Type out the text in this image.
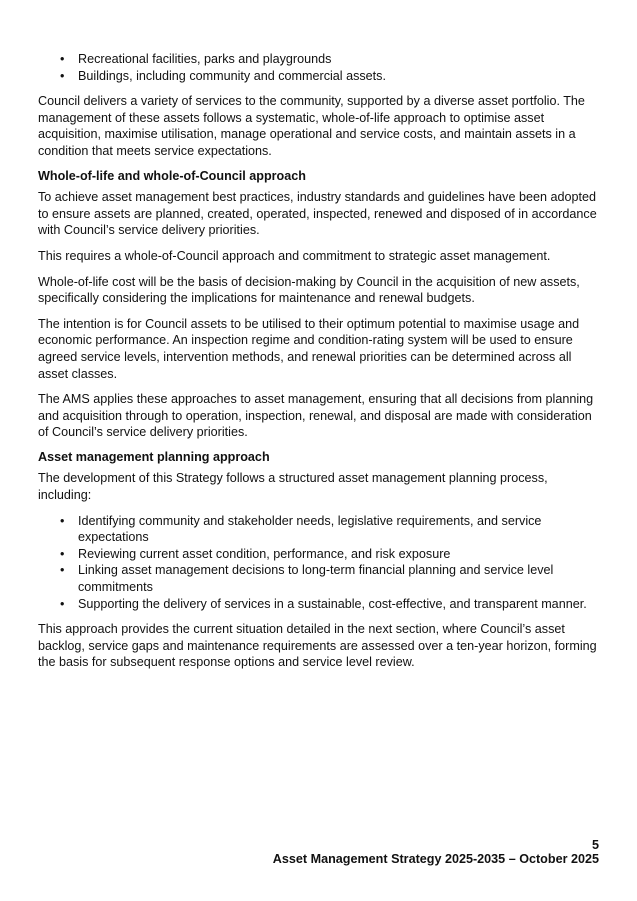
• Recreational facilities, parks and playgrounds
• Buildings, including community and commercial assets.

Council delivers a variety of services to the community, supported by a diverse asset portfolio. The management of these assets follows a systematic, whole-of-life approach to optimise asset acquisition, maximise utilisation, manage operational and service costs, and maintain assets in a condition that meets service expectations.

Whole-of-life and whole-of-Council approach

To achieve asset management best practices, industry standards and guidelines have been adopted to ensure assets are planned, created, operated, inspected, renewed and disposed of in accordance with Council’s service delivery priorities.

This requires a whole-of-Council approach and commitment to strategic asset management.

Whole-of-life cost will be the basis of decision-making by Council in the acquisition of new assets, specifically considering the implications for maintenance and renewal budgets.

The intention is for Council assets to be utilised to their optimum potential to maximise usage and economic performance. An inspection regime and condition-rating system will be used to ensure agreed service levels, intervention methods, and renewal priorities can be determined across all asset classes.

The AMS applies these approaches to asset management, ensuring that all decisions from planning and acquisition through to operation, inspection, renewal, and disposal are made with consideration of Council’s service delivery priorities.

Asset management planning approach

The development of this Strategy follows a structured asset management planning process, including:

• Identifying community and stakeholder needs, legislative requirements, and service expectations
• Reviewing current asset condition, performance, and risk exposure
• Linking asset management decisions to long-term financial planning and service level commitments
• Supporting the delivery of services in a sustainable, cost-effective, and transparent manner.

This approach provides the current situation detailed in the next section, where Council’s asset backlog, service gaps and maintenance requirements are assessed over a ten-year horizon, forming the basis for subsequent response options and service level review.

5
Asset Management Strategy 2025-2035 – October 2025
